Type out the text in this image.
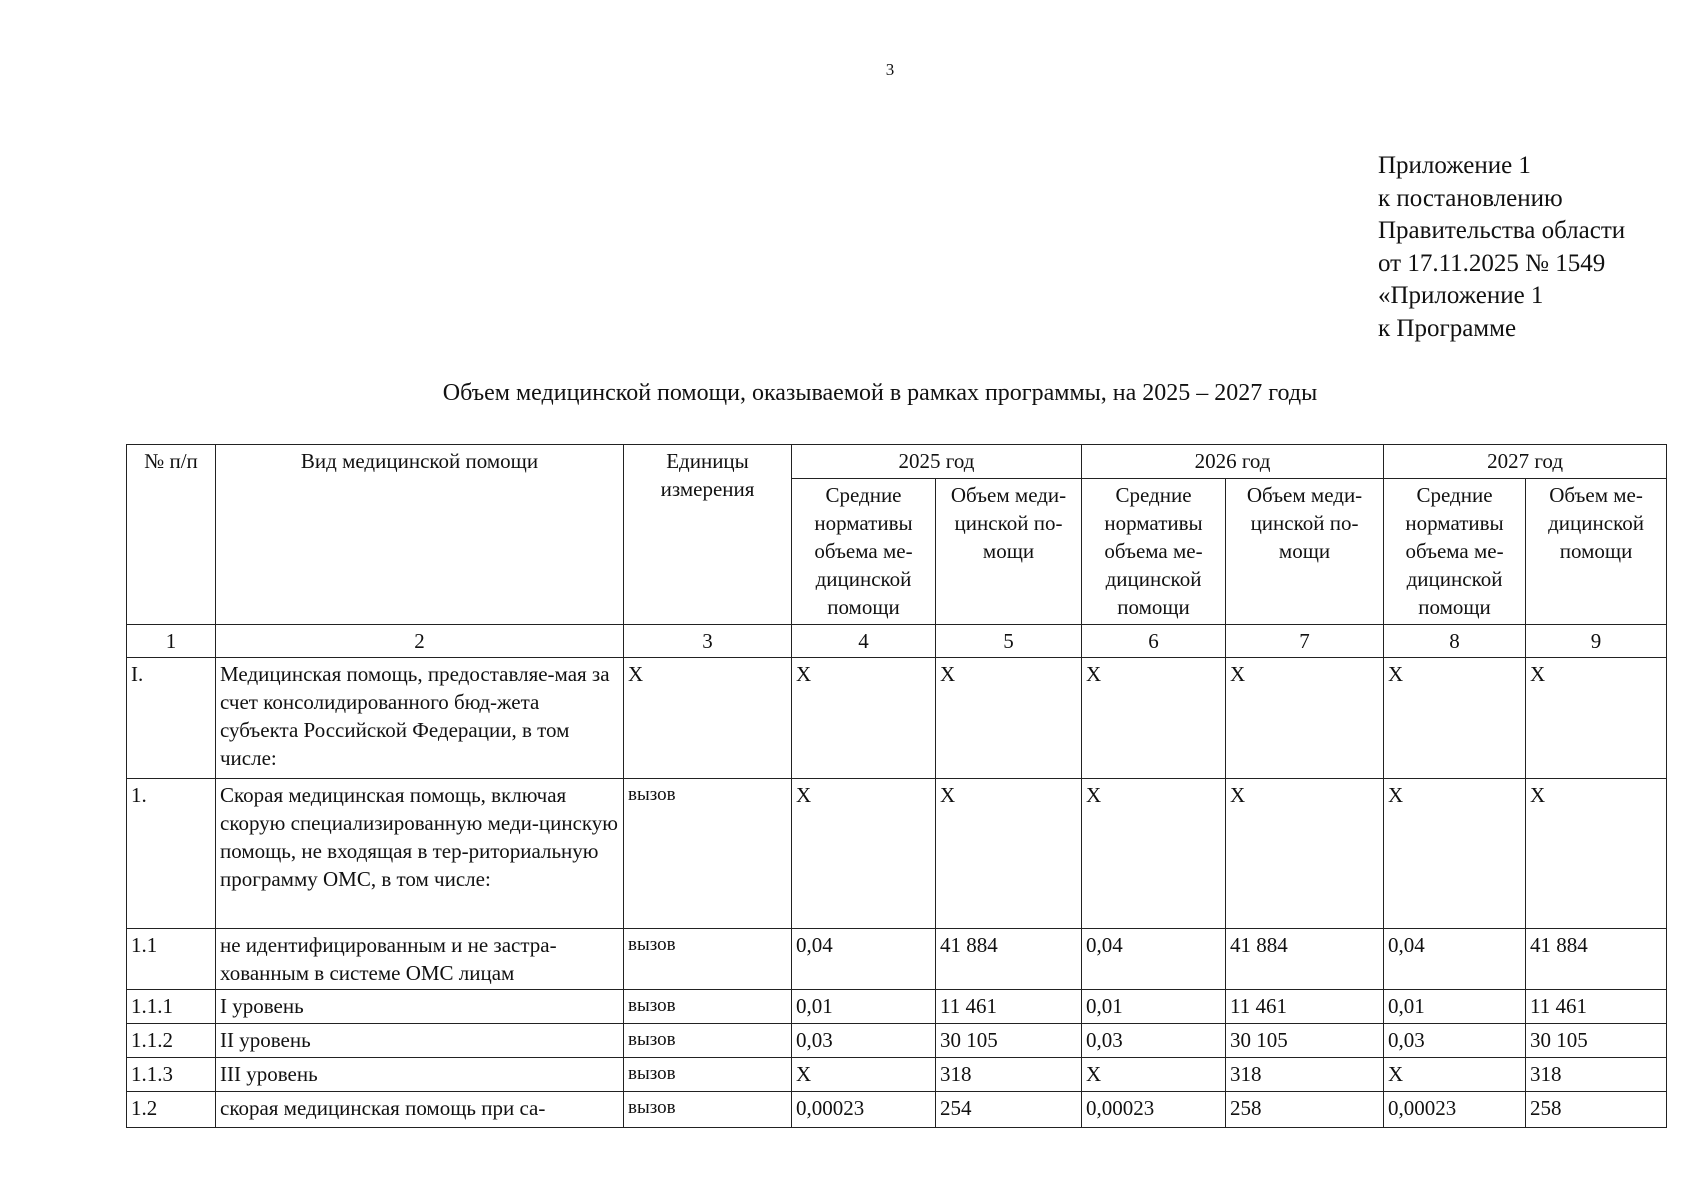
3
Приложение 1
к постановлению
Правительства области
от 17.11.2025 № 1549
«Приложение 1
к Программе
Объем медицинской помощи, оказываемой в рамках программы, на 2025 – 2027 годы
№ п/п	Вид медицинской помощи	Единицы измерения	2025 год		2026 год		2027 год	
			Средние нормативы объема ме-дицинской помощи	Объем меди-цинской по-мощи	Средние нормативы объема ме-дицинской помощи	Объем меди-цинской по-мощи	Средние нормативы объема ме-дицинской помощи	Объем ме-дицинской помощи
1	2	3	4	5	6	7	8	9
I.	Медицинская помощь, предоставляе-мая за счет консолидированного бюд-жета субъекта Российской Федерации, в том числе:	X	X	X	X	X	X	X
1.	Скорая медицинская помощь, включая скорую специализированную меди-цинскую помощь, не входящая в тер-риториальную программу ОМС, в том числе:	вызов	X	X	X	X	X	X
1.1	не идентифицированным и не застра-хованным в системе ОМС лицам	вызов	0,04	41 884	0,04	41 884	0,04	41 884
1.1.1	I уровень	вызов	0,01	11 461	0,01	11 461	0,01	11 461
1.1.2	II уровень	вызов	0,03	30 105	0,03	30 105	0,03	30 105
1.1.3	III уровень	вызов	X	318	X	318	X	318
1.2	скорая медицинская помощь при са-	вызов	0,00023	254	0,00023	258	0,00023	258
